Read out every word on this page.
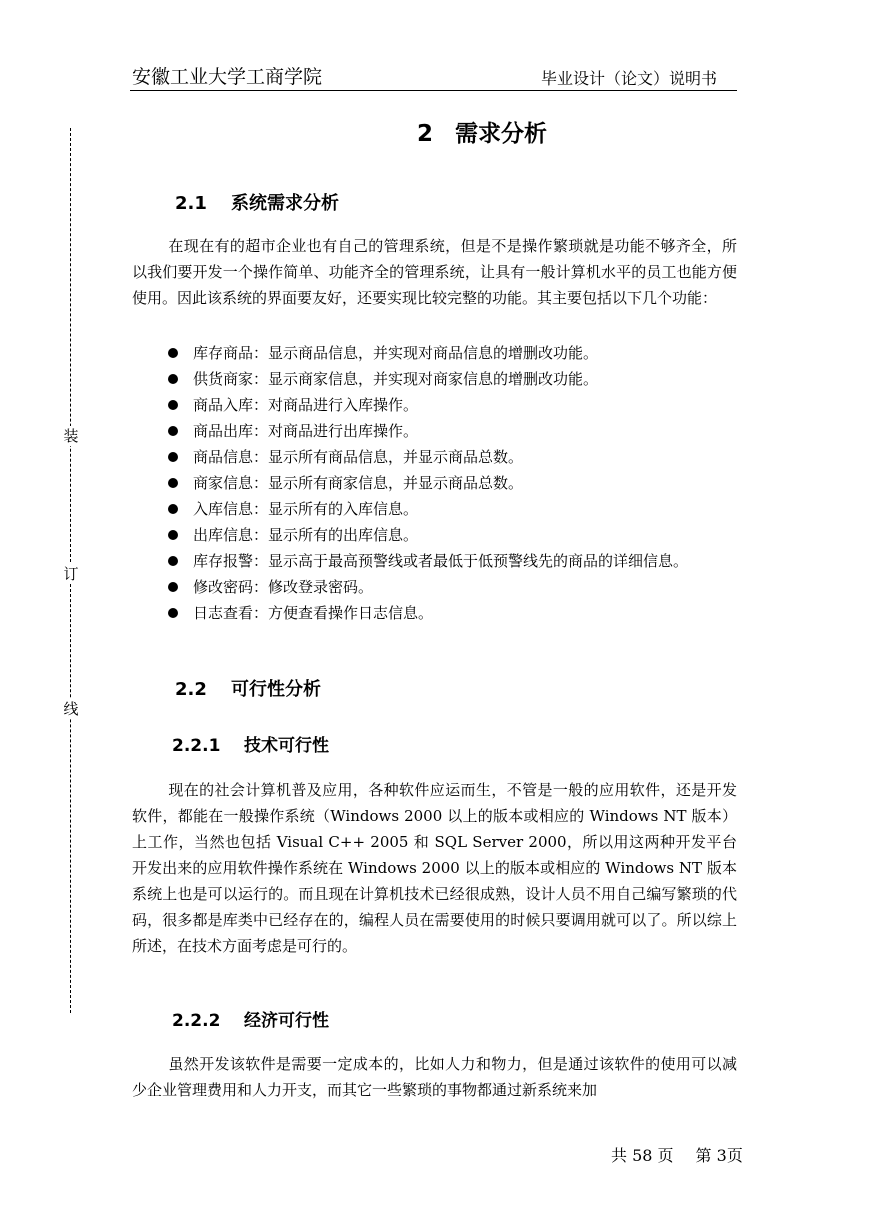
安徽工业大学工商学院	毕业设计（论文）说明书
装
订
线
2 需求分析
2.1 系统需求分析
在现在有的超市企业也有自己的管理系统，但是不是操作繁琐就是功能不够齐全，所以我们要开发一个操作简单、功能齐全的管理系统，让具有一般计算机水平的员工也能方便使用。因此该系统的界面要友好，还要实现比较完整的功能。其主要包括以下几个功能：
库存商品：显示商品信息，并实现对商品信息的增删改功能。
供货商家：显示商家信息，并实现对商家信息的增删改功能。
商品入库：对商品进行入库操作。
商品出库：对商品进行出库操作。
商品信息：显示所有商品信息，并显示商品总数。
商家信息：显示所有商家信息，并显示商品总数。
入库信息：显示所有的入库信息。
出库信息：显示所有的出库信息。
库存报警：显示高于最高预警线或者最低于低预警线先的商品的详细信息。
修改密码：修改登录密码。
日志查看：方便查看操作日志信息。
2.2 可行性分析
2.2.1 技术可行性
现在的社会计算机普及应用，各种软件应运而生，不管是一般的应用软件，还是开发软件，都能在一般操作系统（Windows 2000 以上的版本或相应的 Windows NT 版本）上工作，当然也包括 Visual C++ 2005 和 SQL Server 2000，所以用这两种开发平台开发出来的应用软件操作系统在 Windows 2000 以上的版本或相应的 Windows NT 版本系统上也是可以运行的。而且现在计算机技术已经很成熟，设计人员不用自己编写繁琐的代码，很多都是库类中已经存在的，编程人员在需要使用的时候只要调用就可以了。所以综上所述，在技术方面考虑是可行的。
2.2.2 经济可行性
虽然开发该软件是需要一定成本的，比如人力和物力，但是通过该软件的使用可以减少企业管理费用和人力开支，而其它一些繁琐的事物都通过新系统来加
共 58 页 第 3页
